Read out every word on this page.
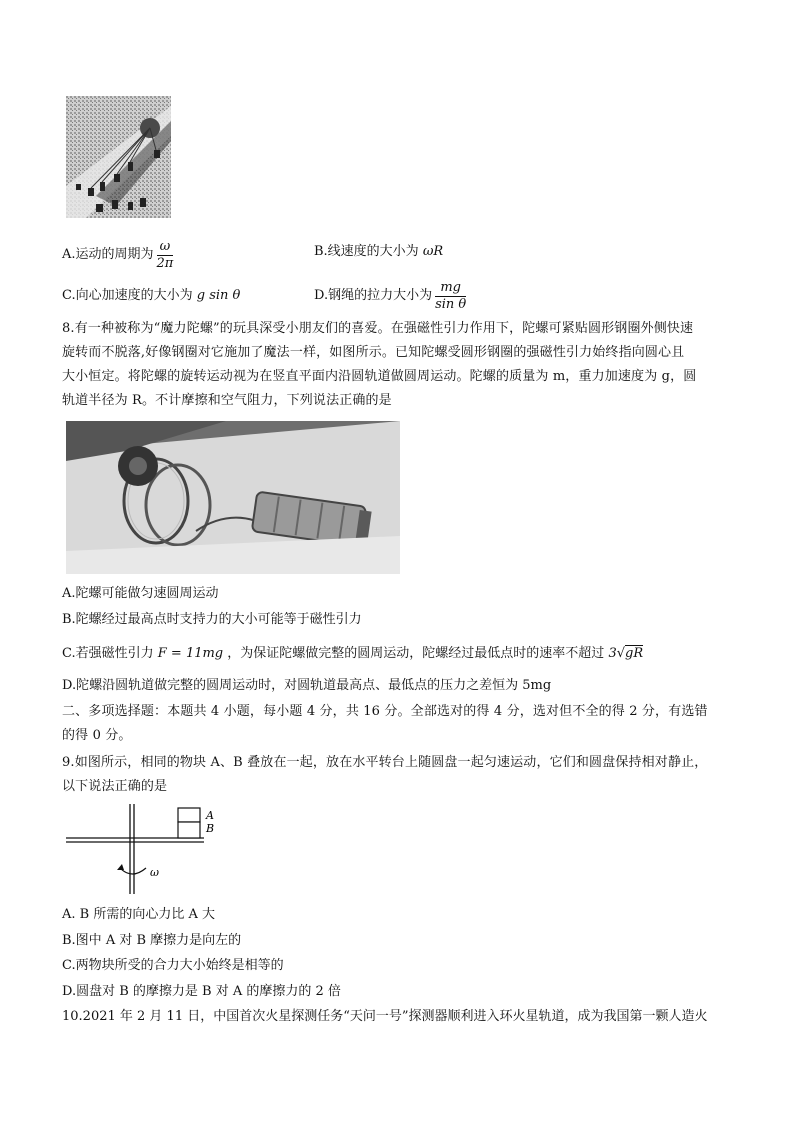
A.运动的周期为 $\frac{\omega}{2\pi}$	B.线速度的大小为 ωR
C.向心加速度的大小为 g sin θ	D.钢绳的拉力大小为 $\frac{mg}{\text{sin θ}}$
8.有一种被称为“魔力陀螺”的玩具深受小朋友们的喜爱。在强磁性引力作用下，陀螺可紧贴圆形钢圈外侧快速
旋转而不脱落,好像钢圈对它施加了魔法一样，如图所示。已知陀螺受圆形钢圈的强磁性引力始终指向圆心且
大小恒定。将陀螺的旋转运动视为在竖直平面内沿圆轨道做圆周运动。陀螺的质量为 m，重力加速度为 g，圆
轨道半径为 R。不计摩擦和空气阻力，下列说法正确的是
A.陀螺可能做匀速圆周运动
B.陀螺经过最高点时支持力的大小可能等于磁性引力
C.若强磁性引力 F = 11mg ，为保证陀螺做完整的圆周运动，陀螺经过最低点时的速率不超过 3√gR
D.陀螺沿圆轨道做完整的圆周运动时，对圆轨道最高点、最低点的压力之差恒为 5mg
二、多项选择题：本题共 4 小题，每小题 4 分，共 16 分。全部选对的得 4 分，选对但不全的得 2 分，有选错
的得 0 分。
9.如图所示，相同的物块 A、B 叠放在一起，放在水平转台上随圆盘一起匀速运动，它们和圆盘保持相对静止，
以下说法正确的是
A
B
ω
A. B 所需的向心力比 A 大
B.图中 A 对 B 摩擦力是向左的
C.两物块所受的合力大小始终是相等的
D.圆盘对 B 的摩擦力是 B 对 A 的摩擦力的 2 倍
10.2021 年 2 月 11 日，中国首次火星探测任务“天问一号”探测器顺利进入环火星轨道，成为我国第一颗人造火
